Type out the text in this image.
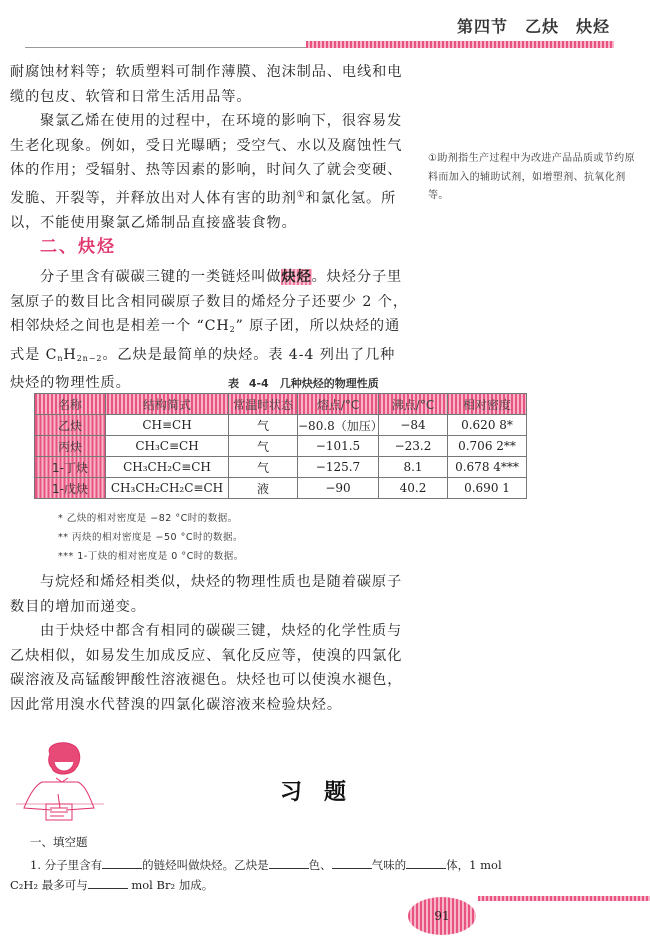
第四节　乙炔　炔烃

耐腐蚀材料等；软质塑料可制作薄膜、泡沫制品、电线和电缆的包皮、软管和日常生活用品等。

聚氯乙烯在使用的过程中，在环境的影响下，很容易发生老化现象。例如，受日光曝晒；受空气、水以及腐蚀性气体的作用；受辐射、热等因素的影响，时间久了就会变硬、发脆、开裂等，并释放出对人体有害的助剂①和氯化氢。所以，不能使用聚氯乙烯制品直接盛装食物。

①助剂指生产过程中为改进产品品质或节约原料而加入的辅助试剂，如增塑剂、抗氧化剂等。
二、炔烃

分子里含有碳碳三键的一类链烃叫做炔烃。炔烃分子里氢原子的数目比含相同碳原子数目的烯烃分子还要少 2 个，相邻炔烃之间也是相差一个 “$CH_2$” 原子团，所以炔烃的通式是 $C_nH_{2n-2}$。乙炔是最简单的炔烃。表 4-4 列出了几种炔烃的物理性质。	表 4-4　几种炔烃的物理性质
名称	结构简式	常温时状态	熔点/°C	沸点/°C	相对密度
乙炔	CH≡CH	气	−80.8（加压）	−84	0.620 8*
丙炔	CH₃C≡CH	气	−101.5	−23.2	0.706 2**
1-丁炔	CH₃CH₂C≡CH	气	−125.7	8.1	0.678 4***
1-戊炔	CH₃CH₂CH₂C≡CH	液	−90	40.2	0.690 1
* 乙炔的相对密度是 −82 °C时的数据。
** 丙炔的相对密度是 −50 °C时的数据。
*** 1-丁炔的相对密度是 0 °C时的数据。

与烷烃和烯烃相类似，炔烃的物理性质也是随着碳原子数目的增加而递变。

由于炔烃中都含有相同的碳碳三键，炔烃的化学性质与乙炔相似，如易发生加成反应、氧化反应等，使溴的四氯化碳溶液及高锰酸钾酸性溶液褪色。炔烃也可以使溴水褪色，因此常用溴水代替溴的四氯化碳溶液来检验炔烃。

习　题
一、填空题
1. 分子里含有	的链烃叫做炔烃。乙炔是	色、	气味的	体，1 mol
C₂H₂ 最多可与	mol Br₂ 加成。
91
